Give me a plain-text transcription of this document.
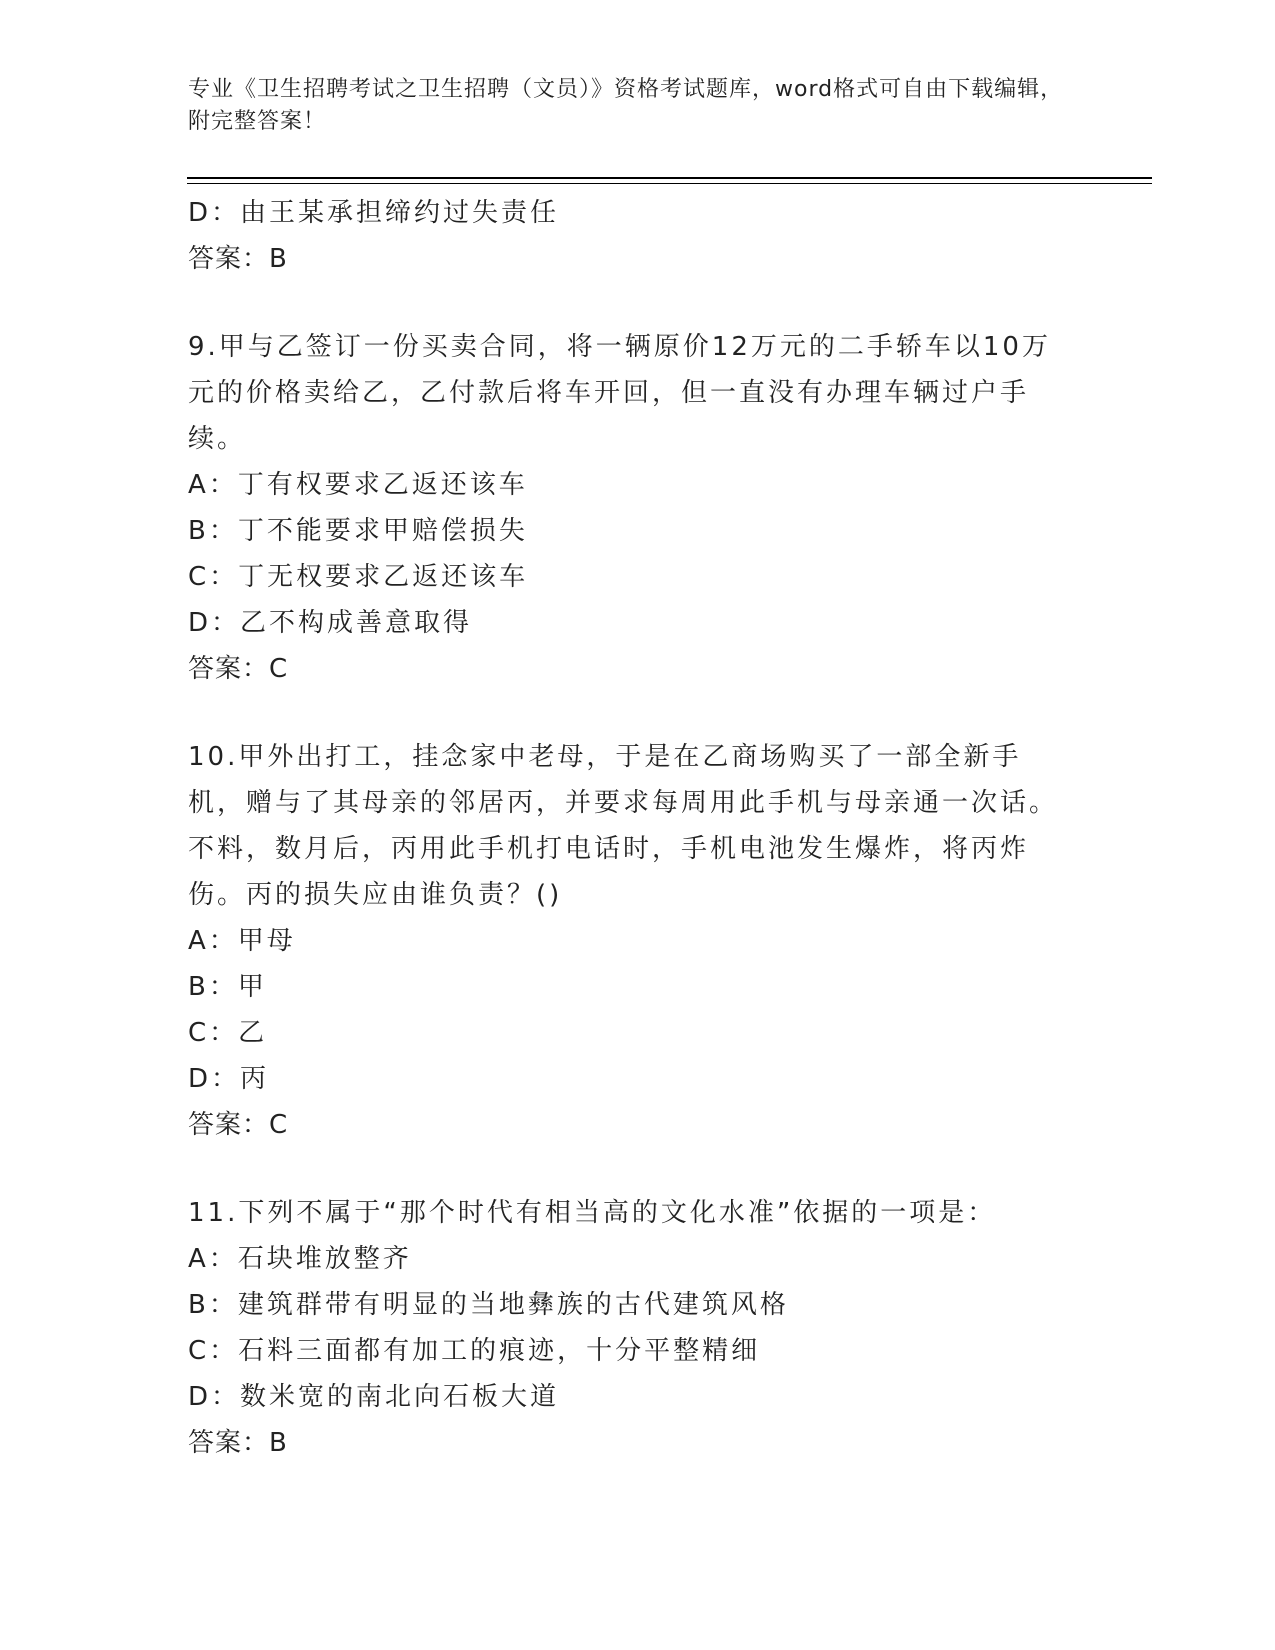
专业《卫生招聘考试之卫生招聘（文员）》资格考试题库，word格式可自由下载编辑，附完整答案！
D：由王某承担缔约过失责任
答案：B
9.甲与乙签订一份买卖合同，将一辆原价12万元的二手轿车以10万元的价格卖给乙，乙付款后将车开回，但一直没有办理车辆过户手续。
A：丁有权要求乙返还该车
B：丁不能要求甲赔偿损失
C：丁无权要求乙返还该车
D：乙不构成善意取得
答案：C
10.甲外出打工，挂念家中老母，于是在乙商场购买了一部全新手机，赠与了其母亲的邻居丙，并要求每周用此手机与母亲通一次话。不料，数月后，丙用此手机打电话时，手机电池发生爆炸，将丙炸伤。丙的损失应由谁负责？()
A：甲母
B：甲
C：乙
D：丙
答案：C
11.下列不属于“那个时代有相当高的文化水准”依据的一项是：
A：石块堆放整齐
B：建筑群带有明显的当地彝族的古代建筑风格
C：石料三面都有加工的痕迹，十分平整精细
D：数米宽的南北向石板大道
答案：B
